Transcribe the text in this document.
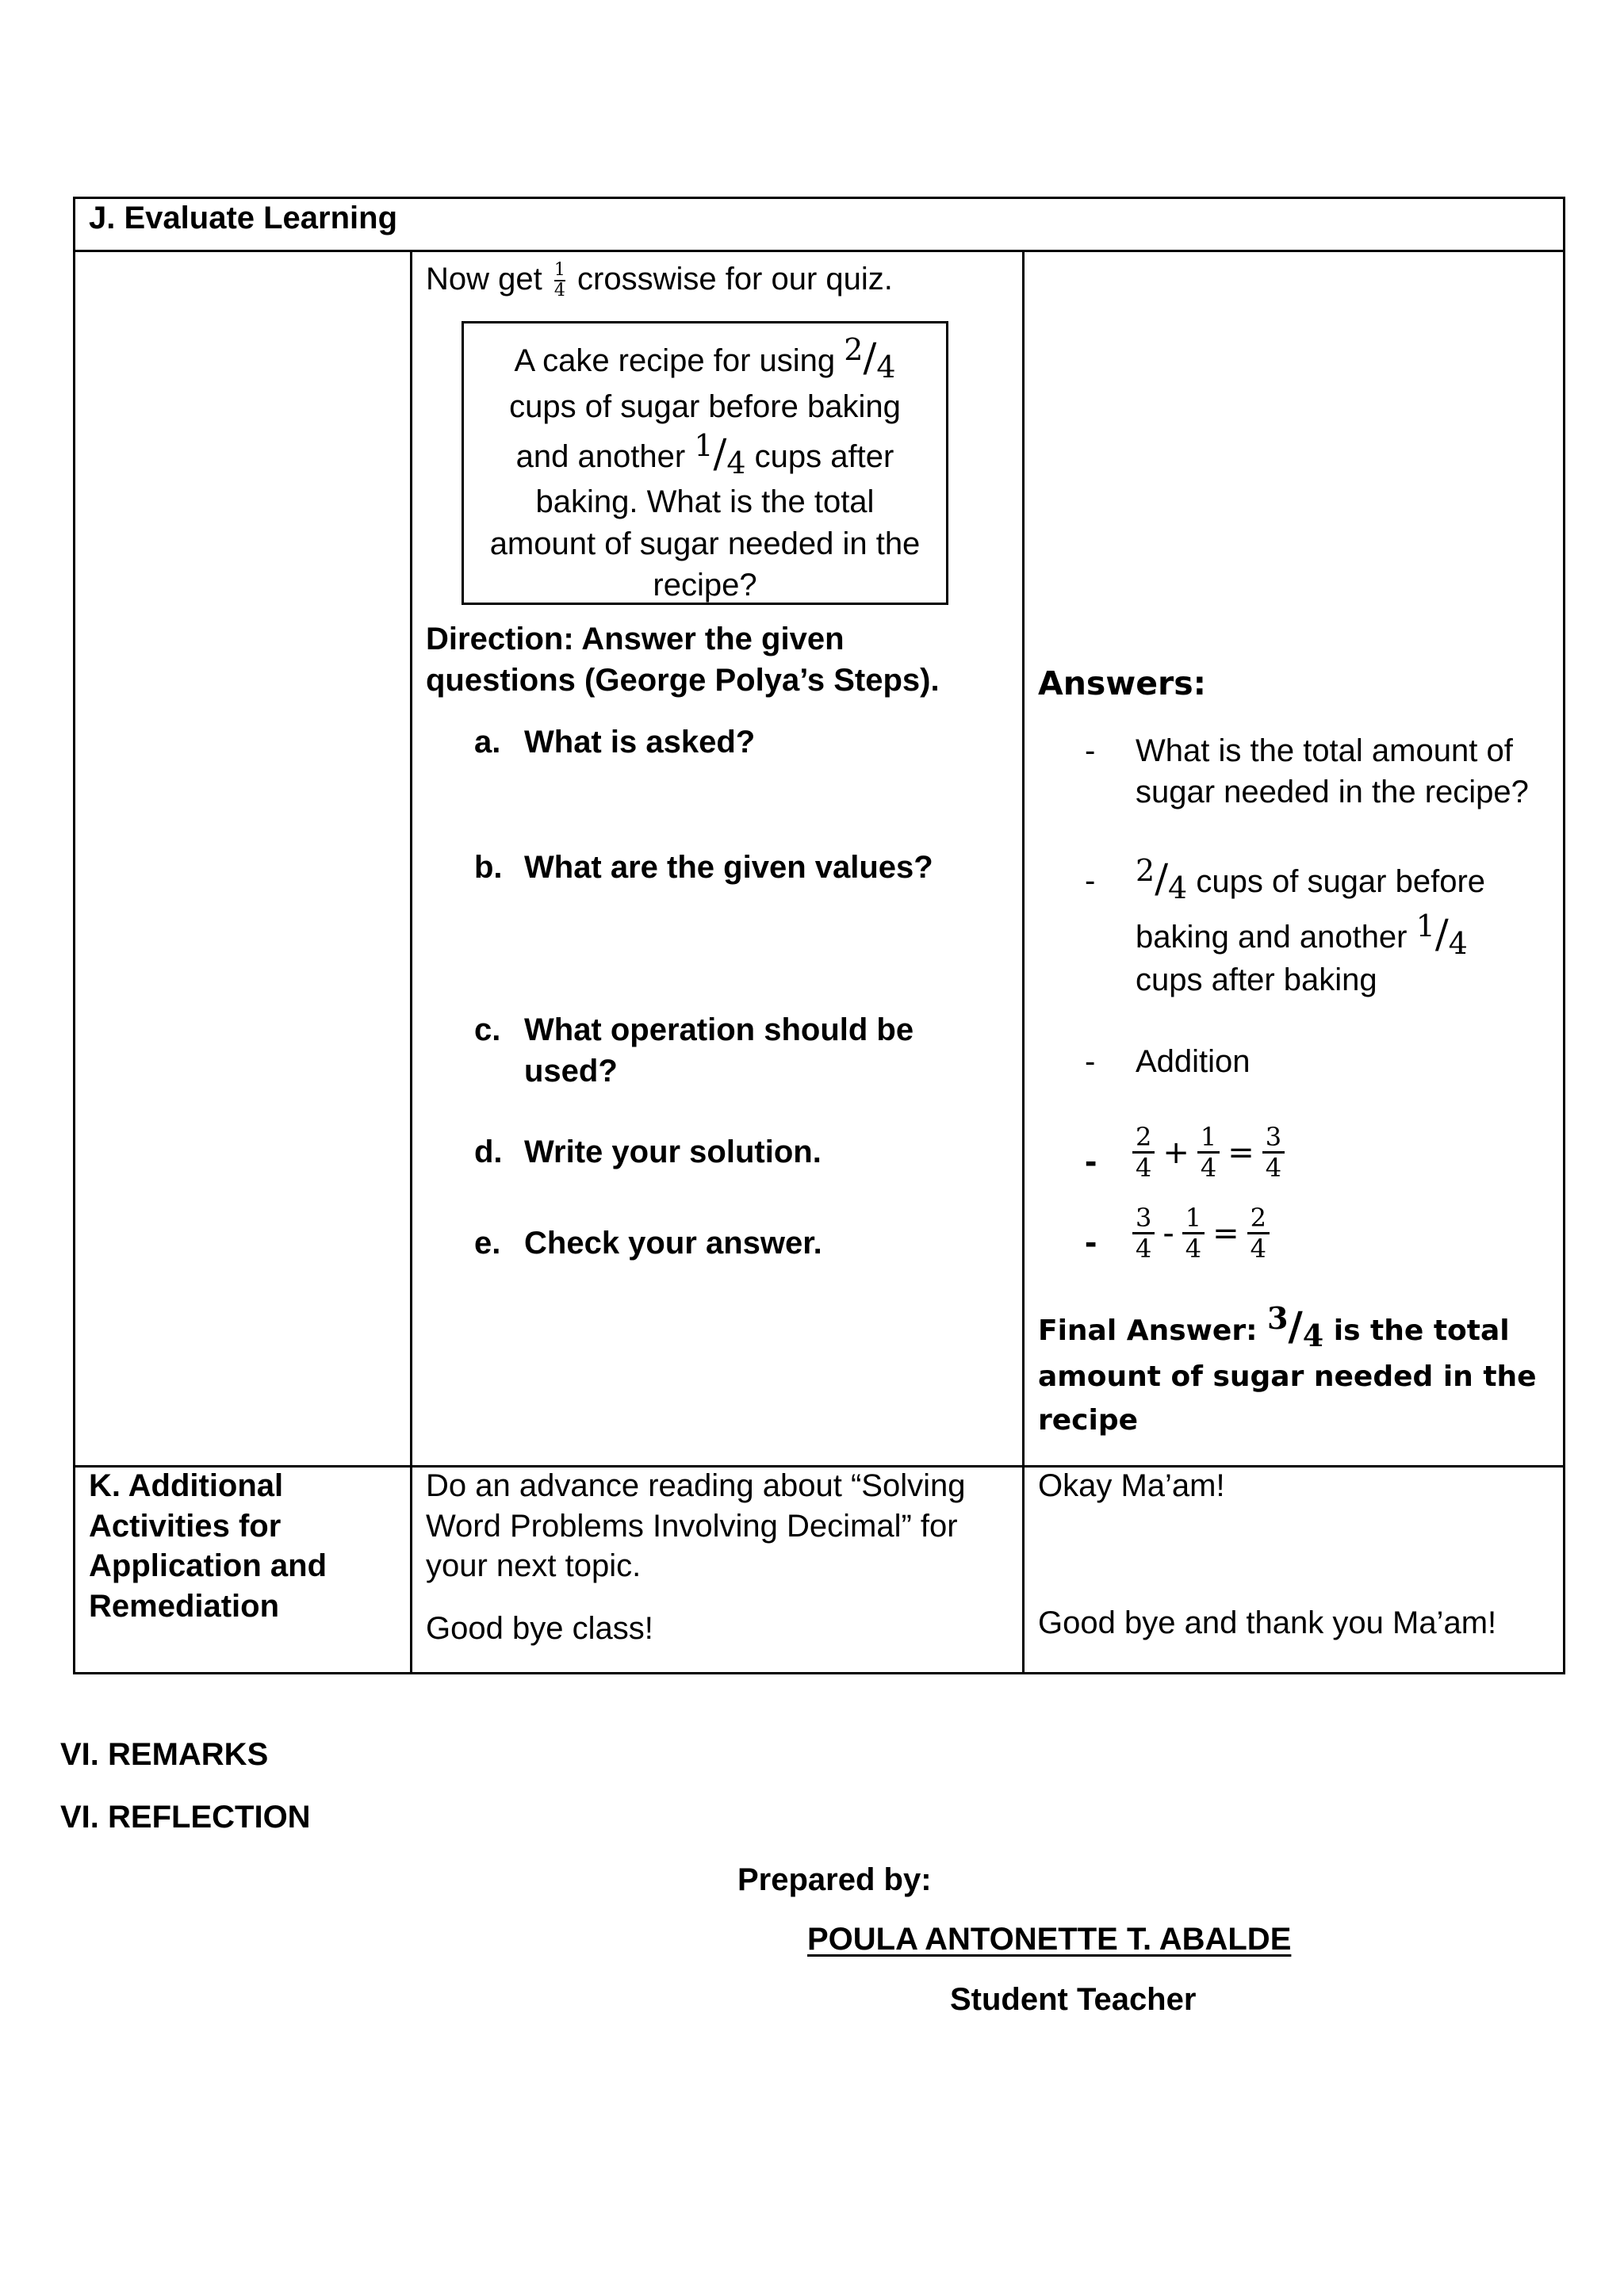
J. Evaluate Learning
Now get $\frac{1}{4}$ crosswise for our quiz.
A cake recipe for using 2/4
cups of sugar before baking
and another 1/4 cups after
baking. What is the total
amount of sugar needed in the
recipe?
Direction: Answer the given
questions (George Polya’s Steps).
a. What is asked?
b. What are the given values?
c. What operation should be
used?
d. Write your solution.
e. Check your answer.
Answers:
- What is the total amount of
sugar needed in the recipe?
- 2/4 cups of sugar before
baking and another 1/4
cups after baking
- Addition
- $\frac{2}{4} + \frac{1}{4} = \frac{3}{4}$
- $\frac{3}{4} - \frac{1}{4} = \frac{2}{4}$
Final Answer: 3/4 is the total
amount of sugar needed in the
recipe
K. Additional
Activities for
Application and
Remediation
Do an advance reading about “Solving
Word Problems Involving Decimal” for
your next topic.
Good bye class!
Okay Ma’am!
Good bye and thank you Ma’am!
VI. REMARKS
VI. REFLECTION
Prepared by:
POULA ANTONETTE T. ABALDE
Student Teacher
